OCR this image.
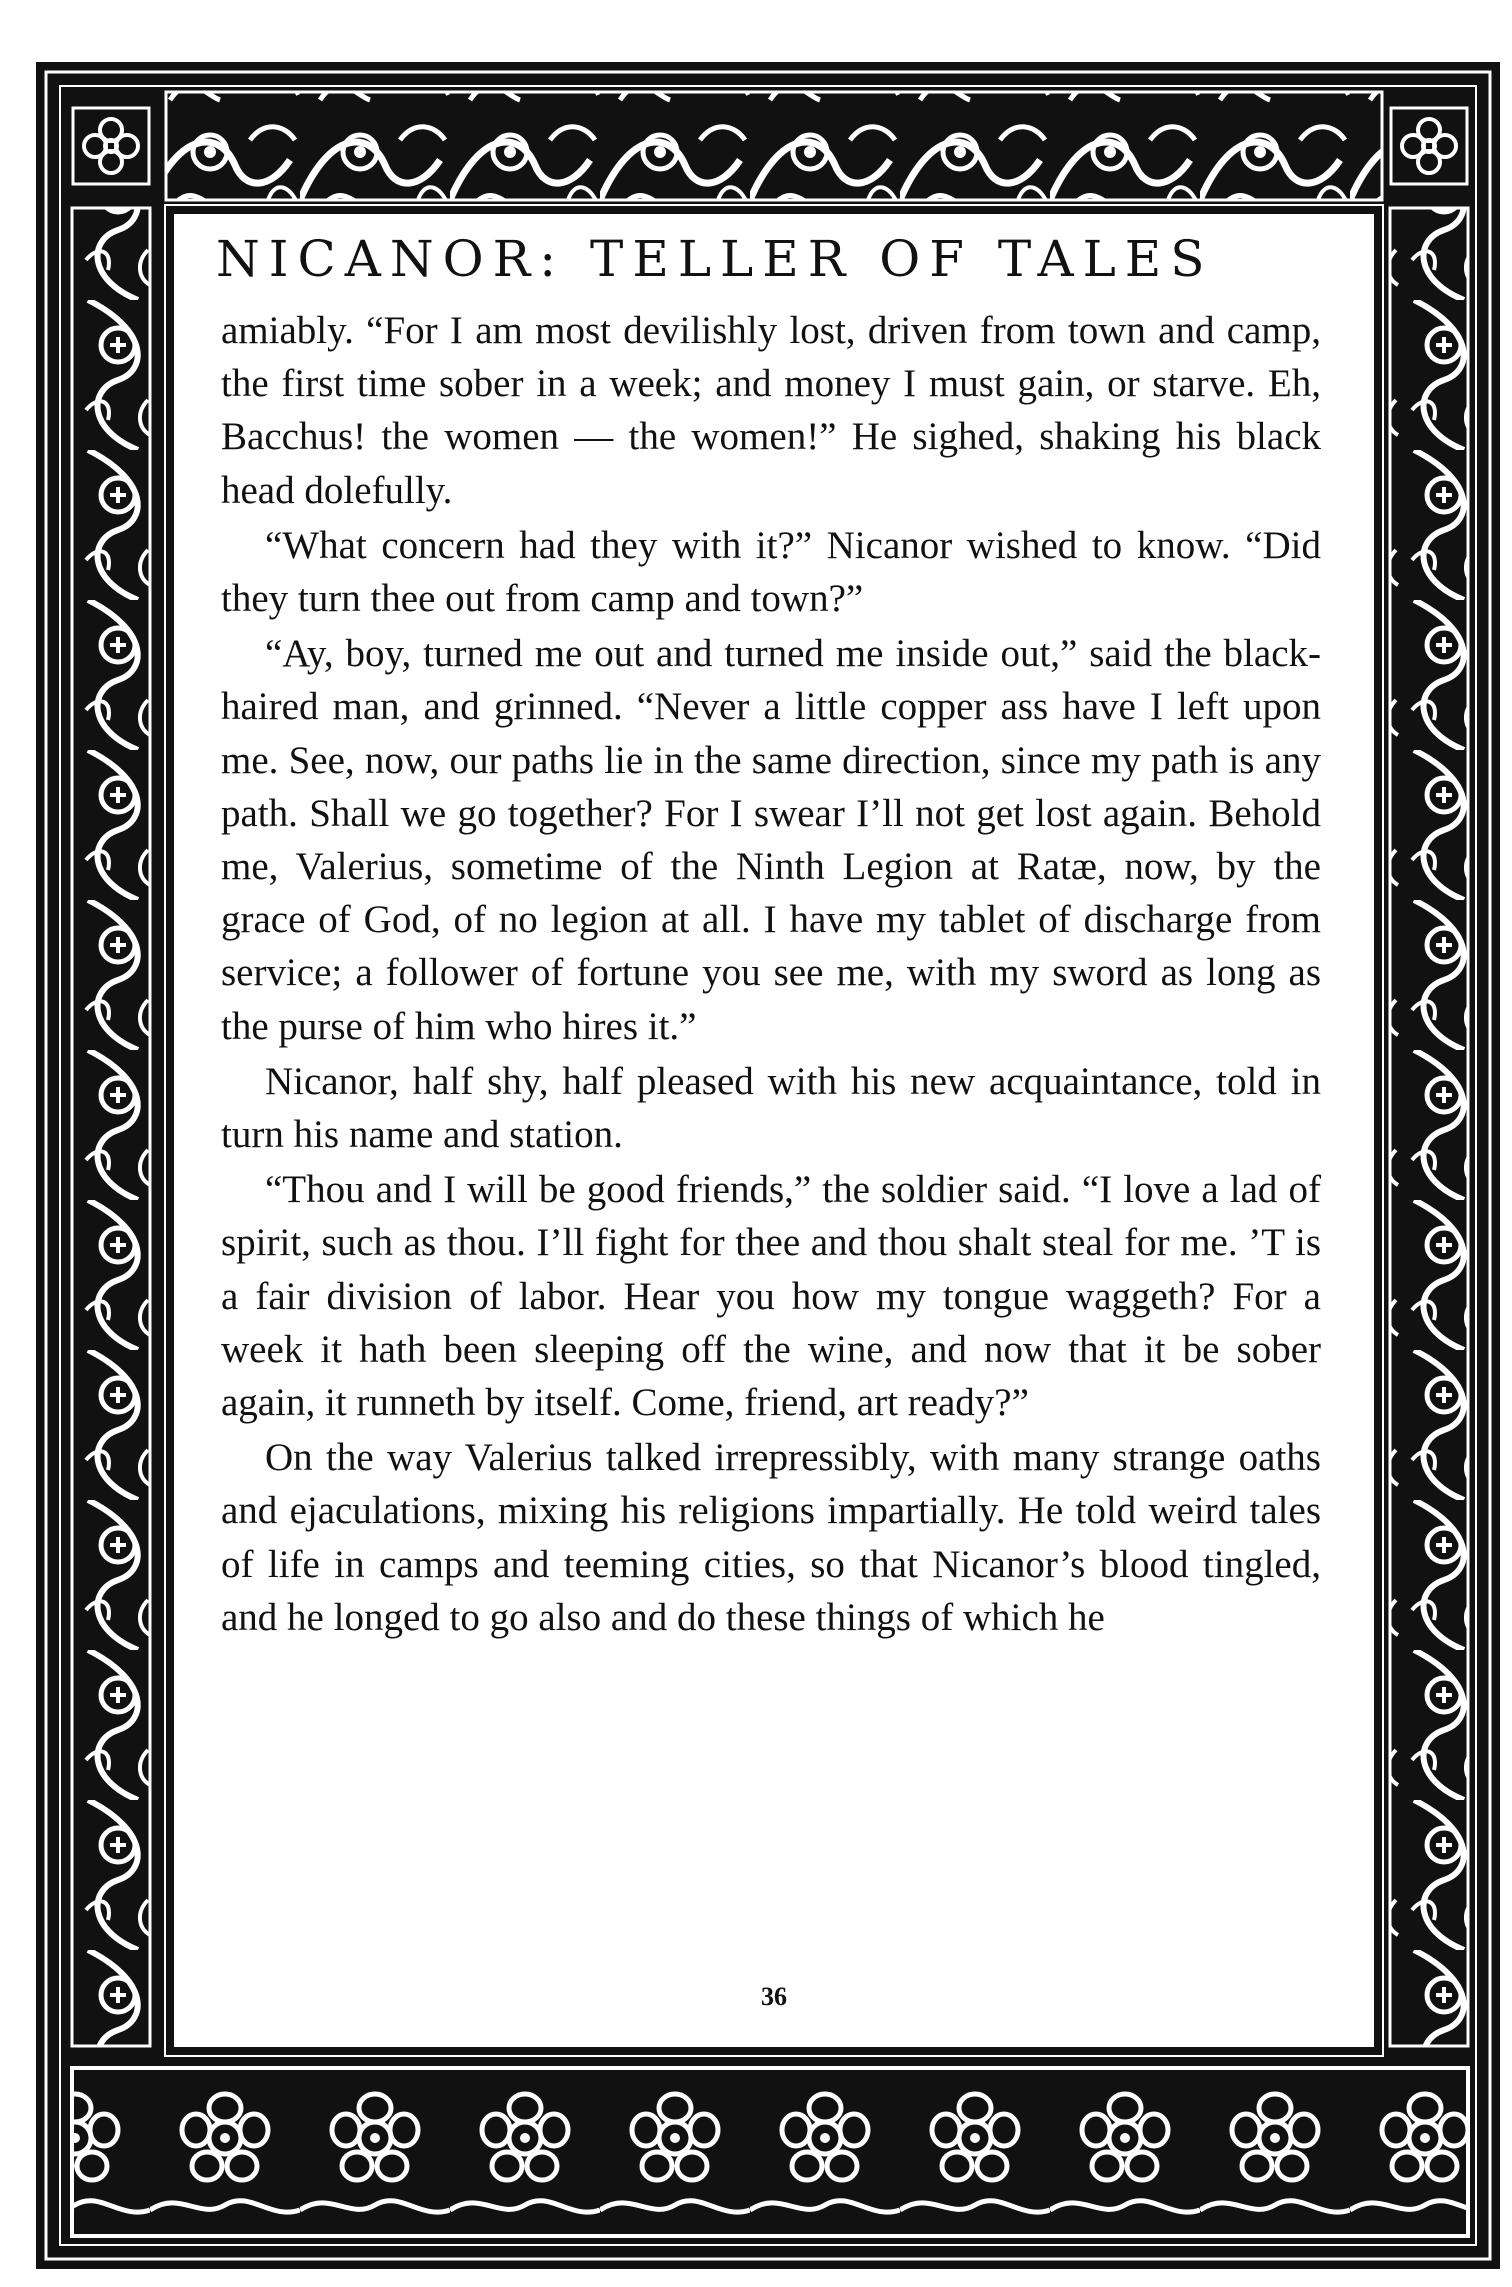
NICANOR: TELLER OF TALES

amiably. “For I am most devilishly lost, driven from town and camp, the first time sober in a week; and money I must gain, or starve. Eh, Bacchus! the women — the women!” He sighed, shaking his black head dolefully.

“What concern had they with it?” Nicanor wished to know. “Did they turn thee out from camp and town?”

“Ay, boy, turned me out and turned me inside out,” said the black-haired man, and grinned. “Never a little copper ass have I left upon me. See, now, our paths lie in the same direction, since my path is any path. Shall we go together? For I swear I’ll not get lost again. Behold me, Valerius, sometime of the Ninth Legion at Ratæ, now, by the grace of God, of no legion at all. I have my tablet of discharge from service; a follower of fortune you see me, with my sword as long as the purse of him who hires it.”

Nicanor, half shy, half pleased with his new acquaintance, told in turn his name and station.

“Thou and I will be good friends,” the soldier said. “I love a lad of spirit, such as thou. I’ll fight for thee and thou shalt steal for me. ’T is a fair division of labor. Hear you how my tongue waggeth? For a week it hath been sleeping off the wine, and now that it be sober again, it runneth by itself. Come, friend, art ready?”

On the way Valerius talked irrepressibly, with many strange oaths and ejaculations, mixing his religions impartially. He told weird tales of life in camps and teeming cities, so that Nicanor’s blood tingled, and he longed to go also and do these things of which he

36
